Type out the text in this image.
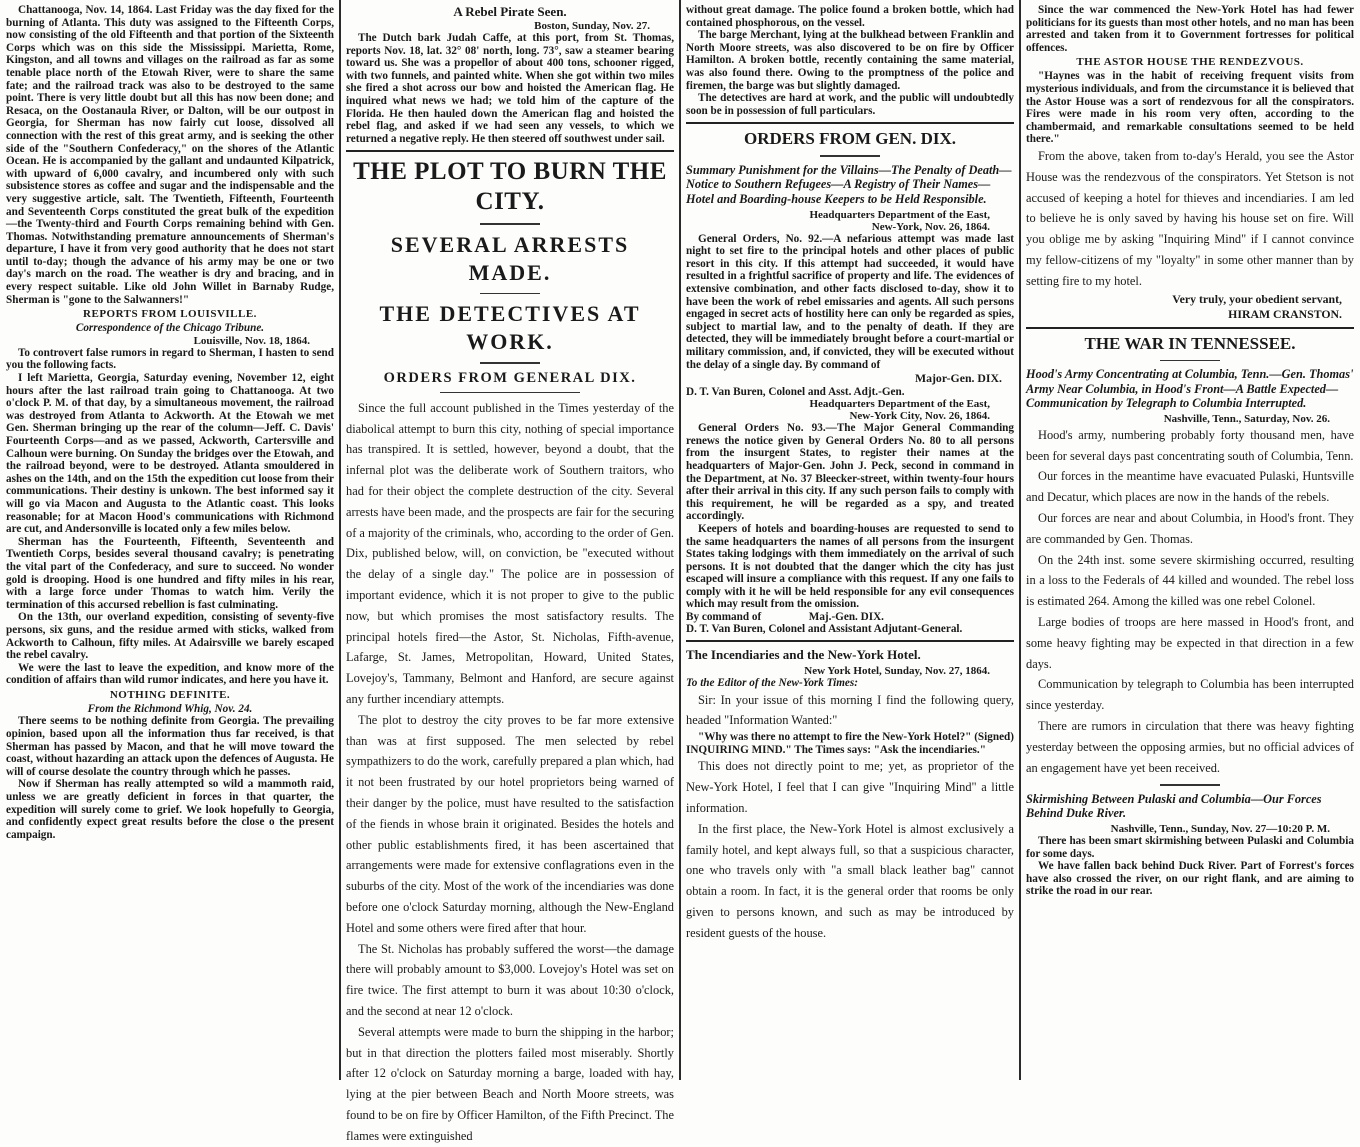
Chattanooga, Nov. 14, 1864. Last Friday was the day fixed for the burning of Atlanta. This duty was assigned to the Fifteenth Corps, now consisting of the old Fifteenth and that portion of the Sixteenth Corps which was on this side the Mississippi. Marietta, Rome, Kingston, and all towns and villages on the railroad as far as some tenable place north of the Etowah River, were to share the same fate; and the railroad track was also to be destroyed to the same point. There is very little doubt but all this has now been done; and Resaca, on the Oostanaula River, or Dalton, will be our outpost in Georgia, for Sherman has now fairly cut loose, dissolved all connection with the rest of this great army, and is seeking the other side of the "Southern Confederacy," on the shores of the Atlantic Ocean. He is accompanied by the gallant and undaunted Kilpatrick, with upward of 6,000 cavalry, and incumbered only with such subsistence stores as coffee and sugar and the indispensable and the very suggestive article, salt. The Twentieth, Fifteenth, Fourteenth and Seventeenth Corps constituted the great bulk of the expedition—the Twenty-third and Fourth Corps remaining behind with Gen. Thomas. Notwithstanding premature announcements of Sherman's departure, I have it from very good authority that he does not start until to-day; though the advance of his army may be one or two day's march on the road. The weather is dry and bracing, and in every respect suitable. Like old John Willet in Barnaby Rudge, Sherman is "gone to the Salwanners!"

REPORTS FROM LOUISVILLE.

Correspondence of the Chicago Tribune.

Louisville, Nov. 18, 1864.

To controvert false rumors in regard to Sherman, I hasten to send you the following facts.

I left Marietta, Georgia, Saturday evening, November 12, eight hours after the last railroad train going to Chattanooga. At two o'clock P. M. of that day, by a simultaneous movement, the railroad was destroyed from Atlanta to Ackworth. At the Etowah we met Gen. Sherman bringing up the rear of the column—Jeff. C. Davis' Fourteenth Corps—and as we passed, Ackworth, Cartersville and Calhoun were burning. On Sunday the bridges over the Etowah, and the railroad beyond, were to be destroyed. Atlanta smouldered in ashes on the 14th, and on the 15th the expedition cut loose from their communications. Their destiny is unkown. The best informed say it will go via Macon and Augusta to the Atlantic coast. This looks reasonable; for at Macon Hood's communications with Richmond are cut, and Andersonville is located only a few miles below.

Sherman has the Fourteenth, Fifteenth, Seventeenth and Twentieth Corps, besides several thousand cavalry; is penetrating the vital part of the Confederacy, and sure to succeed. No wonder gold is drooping. Hood is one hundred and fifty miles in his rear, with a large force under Thomas to watch him. Verily the termination of this accursed rebellion is fast culminating.

On the 13th, our overland expedition, consisting of seventy-five persons, six guns, and the residue armed with sticks, walked from Ackworth to Calhoun, fifty miles. At Adairsville we barely escaped the rebel cavalry.

We were the last to leave the expedition, and know more of the condition of affairs than wild rumor indicates, and here you have it.

NOTHING DEFINITE.

From the Richmond Whig, Nov. 24.

There seems to be nothing definite from Georgia. The prevailing opinion, based upon all the information thus far received, is that Sherman has passed by Macon, and that he will move toward the coast, without hazarding an attack upon the defences of Augusta. He will of course desolate the country through which he passes.

Now if Sherman has really attempted so wild a mammoth raid, unless we are greatly deficient in forces in that quarter, the expedition will surely come to grief. We look hopefully to Georgia, and confidently expect great results before the close o the present campaign.

A Rebel Pirate Seen.
Boston, Sunday, Nov. 27.

The Dutch bark Judah Caffe, at this port, from St. Thomas, reports Nov. 18, lat. 32° 08' north, long. 73°, saw a steamer bearing toward us. She was a propellor of about 400 tons, schooner rigged, with two funnels, and painted white. When she got within two miles she fired a shot across our bow and hoisted the American flag. He inquired what news we had; we told him of the capture of the Florida. He then hauled down the American flag and hoisted the rebel flag, and asked if we had seen any vessels, to which we returned a negative reply. He then steered off southwest under sail.

THE PLOT TO BURN THE CITY.
SEVERAL ARRESTS MADE.
THE DETECTIVES AT WORK.
ORDERS FROM GENERAL DIX.

Since the full account published in the Times yesterday of the diabolical attempt to burn this city, nothing of special importance has transpired. It is settled, however, beyond a doubt, that the infernal plot was the deliberate work of Southern traitors, who had for their object the complete destruction of the city. Several arrests have been made, and the prospects are fair for the securing of a majority of the criminals, who, according to the order of Gen. Dix, published below, will, on conviction, be "executed without the delay of a single day." The police are in possession of important evidence, which it is not proper to give to the public now, but which promises the most satisfactory results. The principal hotels fired—the Astor, St. Nicholas, Fifth-avenue, Lafarge, St. James, Metropolitan, Howard, United States, Lovejoy's, Tammany, Belmont and Hanford, are secure against any further incendiary attempts.

The plot to destroy the city proves to be far more extensive than was at first supposed. The men selected by rebel sympathizers to do the work, carefully prepared a plan which, had it not been frustrated by our hotel proprietors being warned of their danger by the police, must have resulted to the satisfaction of the fiends in whose brain it originated. Besides the hotels and other public establishments fired, it has been ascertained that arrangements were made for extensive conflagrations even in the suburbs of the city. Most of the work of the incendiaries was done before one o'clock Saturday morning, although the New-England Hotel and some others were fired after that hour.

The St. Nicholas has probably suffered the worst—the damage there will probably amount to $3,000. Lovejoy's Hotel was set on fire twice. The first attempt to burn it was about 10:30 o'clock, and the second at near 12 o'clock.

Several attempts were made to burn the shipping in the harbor; but in that direction the plotters failed most miserably. Shortly after 12 o'clock on Saturday morning a barge, loaded with hay, lying at the pier between Beach and North Moore streets, was found to be on fire by Officer Hamilton, of the Fifth Precinct. The flames were extinguished

without great damage. The police found a broken bottle, which had contained phosphorous, on the vessel.

The barge Merchant, lying at the bulkhead between Franklin and North Moore streets, was also discovered to be on fire by Officer Hamilton. A broken bottle, recently containing the same material, was also found there. Owing to the promptness of the police and firemen, the barge was but slightly damaged.

The detectives are hard at work, and the public will undoubtedly soon be in possession of full particulars.

ORDERS FROM GEN. DIX.
Summary Punishment for the Villains—The Penalty of Death—Notice to Southern Refugees—A Registry of Their Names—Hotel and Boarding-house Keepers to be Held Responsible.
Headquarters Department of the East,
New-York, Nov. 26, 1864.

General Orders, No. 92.—A nefarious attempt was made last night to set fire to the principal hotels and other places of public resort in this city. If this attempt had succeeded, it would have resulted in a frightful sacrifice of property and life. The evidences of extensive combination, and other facts disclosed to-day, show it to have been the work of rebel emissaries and agents. All such persons engaged in secret acts of hostility here can only be regarded as spies, subject to martial law, and to the penalty of death. If they are detected, they will be immediately brought before a court-martial or military commission, and, if convicted, they will be executed without the delay of a single day. By command of

Major-Gen. DIX.
D. T. Van Buren, Colonel and Asst. Adjt.-Gen.
Headquarters Department of the East,
New-York City, Nov. 26, 1864.

General Orders No. 93.—The Major General Commanding renews the notice given by General Orders No. 80 to all persons from the insurgent States, to register their names at the headquarters of Major-Gen. John J. Peck, second in command in the Department, at No. 37 Bleecker-street, within twenty-four hours after their arrival in this city. If any such person fails to comply with this requirement, he will be regarded as a spy, and treated accordingly.

Keepers of hotels and boarding-houses are requested to send to the same headquarters the names of all persons from the insurgent States taking lodgings with them immediately on the arrival of such persons. It is not doubted that the danger which the city has just escaped will insure a compliance with this request. If any one fails to comply with it he will be held responsible for any evil consequences which may result from the omission.

By command of	Maj.-Gen. DIX.
D. T. Van Buren, Colonel and Assistant Adjutant-General.
The Incendiaries and the New-York Hotel.
New York Hotel, Sunday, Nov. 27, 1864.

To the Editor of the New-York Times:

Sir: In your issue of this morning I find the following query, headed "Information Wanted:"

"Why was there no attempt to fire the New-York Hotel?" (Signed) INQUIRING MIND." The Times says: "Ask the incendiaries."

This does not directly point to me; yet, as proprietor of the New-York Hotel, I feel that I can give "Inquiring Mind" a little information.

In the first place, the New-York Hotel is almost exclusively a family hotel, and kept always full, so that a suspicious character, one who travels only with "a small black leather bag" cannot obtain a room. In fact, it is the general order that rooms be only given to persons known, and such as may be introduced by resident guests of the house.

Since the war commenced the New-York Hotel has had fewer politicians for its guests than most other hotels, and no man has been arrested and taken from it to Government fortresses for political offences.

THE ASTOR HOUSE THE RENDEZVOUS.

"Haynes was in the habit of receiving frequent visits from mysterious individuals, and from the circumstance it is believed that the Astor House was a sort of rendezvous for all the conspirators. Fires were made in his room very often, according to the chambermaid, and remarkable consultations seemed to be held there."

From the above, taken from to-day's Herald, you see the Astor House was the rendezvous of the conspirators. Yet Stetson is not accused of keeping a hotel for thieves and incendiaries. I am led to believe he is only saved by having his house set on fire. Will you oblige me by asking "Inquiring Mind" if I cannot convince my fellow-citizens of my "loyalty" in some other manner than by setting fire to my hotel.

Very truly, your obedient servant,
HIRAM CRANSTON.
THE WAR IN TENNESSEE.
Hood's Army Concentrating at Columbia, Tenn.—Gen. Thomas' Army Near Columbia, in Hood's Front—A Battle Expected—Communication by Telegraph to Columbia Interrupted.
Nashville, Tenn., Saturday, Nov. 26.

Hood's army, numbering probably forty thousand men, have been for several days past concentrating south of Columbia, Tenn.

Our forces in the meantime have evacuated Pulaski, Huntsville and Decatur, which places are now in the hands of the rebels.

Our forces are near and about Columbia, in Hood's front. They are commanded by Gen. Thomas.

On the 24th inst. some severe skirmishing occurred, resulting in a loss to the Federals of 44 killed and wounded. The rebel loss is estimated 264. Among the killed was one rebel Colonel.

Large bodies of troops are here massed in Hood's front, and some heavy fighting may be expected in that direction in a few days.

Communication by telegraph to Columbia has been interrupted since yesterday.

There are rumors in circulation that there was heavy fighting yesterday between the opposing armies, but no official advices of an engagement have yet been received.

Skirmishing Between Pulaski and Columbia—Our Forces Behind Duke River.
Nashville, Tenn., Sunday, Nov. 27—10:20 P. M.

There has been smart skirmishing between Pulaski and Columbia for some days.

We have fallen back behind Duck River. Part of Forrest's forces have also crossed the river, on our right flank, and are aiming to strike the road in our rear.
